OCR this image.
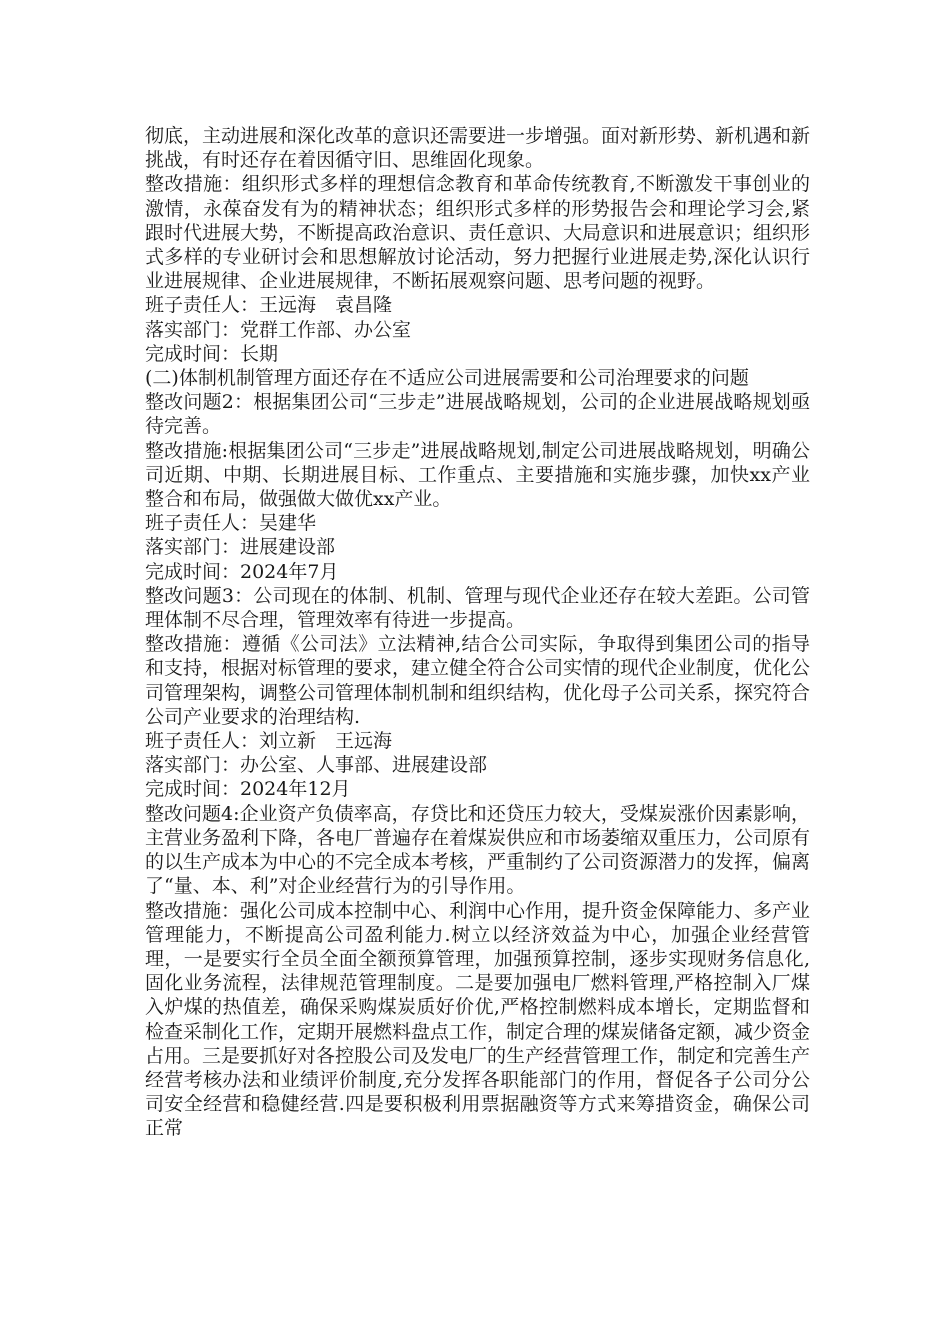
彻底，主动进展和深化改革的意识还需要进一步增强。面对新形势、新机遇和新挑战，有时还存在着因循守旧、思维固化现象。

整改措施：组织形式多样的理想信念教育和革命传统教育,不断激发干事创业的激情，永葆奋发有为的精神状态；组织形式多样的形势报告会和理论学习会,紧跟时代进展大势，不断提高政治意识、责任意识、大局意识和进展意识；组织形式多样的专业研讨会和思想解放讨论活动，努力把握行业进展走势,深化认识行业进展规律、企业进展规律，不断拓展观察问题、思考问题的视野。

班子责任人：王远海　袁昌隆

落实部门：党群工作部、办公室

完成时间：长期

(二)体制机制管理方面还存在不适应公司进展需要和公司治理要求的问题

整改问题2：根据集团公司“三步走”进展战略规划，公司的企业进展战略规划亟待完善。

整改措施:根据集团公司“三步走”进展战略规划,制定公司进展战略规划，明确公司近期、中期、长期进展目标、工作重点、主要措施和实施步骤，加快xx产业整合和布局，做强做大做优xx产业。

班子责任人：吴建华

落实部门：进展建设部

完成时间：2024年7月

整改问题3：公司现在的体制、机制、管理与现代企业还存在较大差距。公司管理体制不尽合理，管理效率有待进一步提高。

整改措施：遵循《公司法》立法精神,结合公司实际，争取得到集团公司的指导和支持，根据对标管理的要求，建立健全符合公司实情的现代企业制度，优化公司管理架构，调整公司管理体制机制和组织结构，优化母子公司关系，探究符合公司产业要求的治理结构.

班子责任人：刘立新　王远海

落实部门：办公室、人事部、进展建设部

完成时间：2024年12月

整改问题4:企业资产负债率高，存贷比和还贷压力较大，受煤炭涨价因素影响，主营业务盈利下降，各电厂普遍存在着煤炭供应和市场萎缩双重压力，公司原有的以生产成本为中心的不完全成本考核，严重制约了公司资源潜力的发挥，偏离了“量、本、利”对企业经营行为的引导作用。

整改措施：强化公司成本控制中心、利润中心作用，提升资金保障能力、多产业管理能力，不断提高公司盈利能力.树立以经济效益为中心，加强企业经营管理，一是要实行全员全面全额预算管理，加强预算控制，逐步实现财务信息化,固化业务流程，法律规范管理制度。二是要加强电厂燃料管理,严格控制入厂煤入炉煤的热值差，确保采购煤炭质好价优,严格控制燃料成本增长，定期监督和检查采制化工作，定期开展燃料盘点工作，制定合理的煤炭储备定额，减少资金占用。三是要抓好对各控股公司及发电厂的生产经营管理工作，制定和完善生产经营考核办法和业绩评价制度,充分发挥各职能部门的作用，督促各子公司分公司安全经营和稳健经营.四是要积极利用票据融资等方式来筹措资金，确保公司正常
